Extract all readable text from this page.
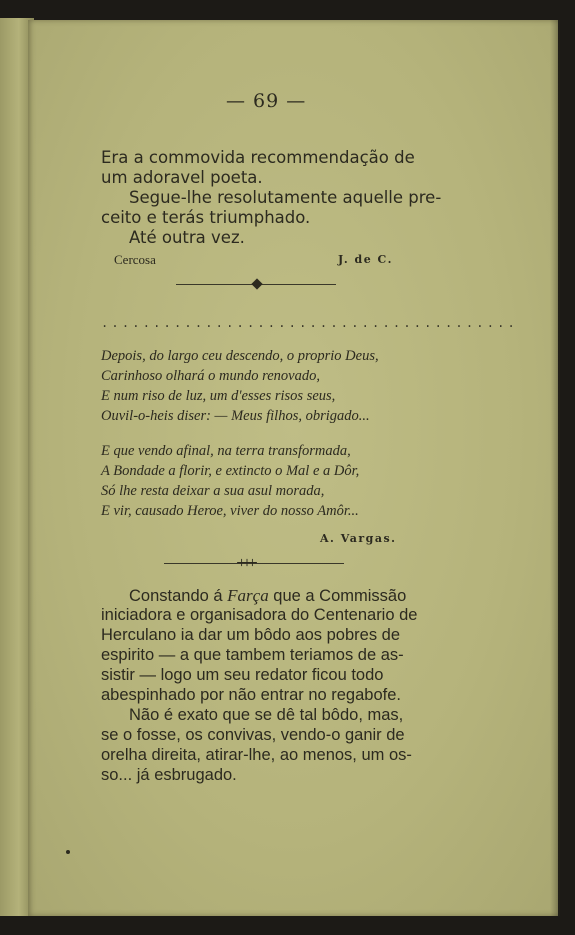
— 69 —
Era a commovida recommendação de
um adoravel poeta.
Segue-lhe resolutamente aquelle pre-
ceito e terás triumphado.
Até outra vez.
Cercosa	J. de C.
........................................
Depois, do largo ceu descendo, o proprio Deus,
Carinhoso olhará o mundo renovado,
E num riso de luz, um d'esses risos seus,
Ouvil-o-heis diser: — Meus filhos, obrigado...
E que vendo afinal, na terra transformada,
A Bondade a florir, e extincto o Mal e a Dôr,
Só lhe resta deixar a sua asul morada,
E vir, causado Heroe, viver do nosso Amôr...
A. Vargas.
Constando á Farça que a Commissão
iniciadora e organisadora do Centenario de
Herculano ia dar um bôdo aos pobres de
espirito — a que tambem teriamos de as-
sistir — logo um seu redator ficou todo
abespinhado por não entrar no regabofe.
Não é exato que se dê tal bôdo, mas,
se o fosse, os convivas, vendo-o ganir de
orelha direita, atirar-lhe, ao menos, um os-
so... já esbrugado.
